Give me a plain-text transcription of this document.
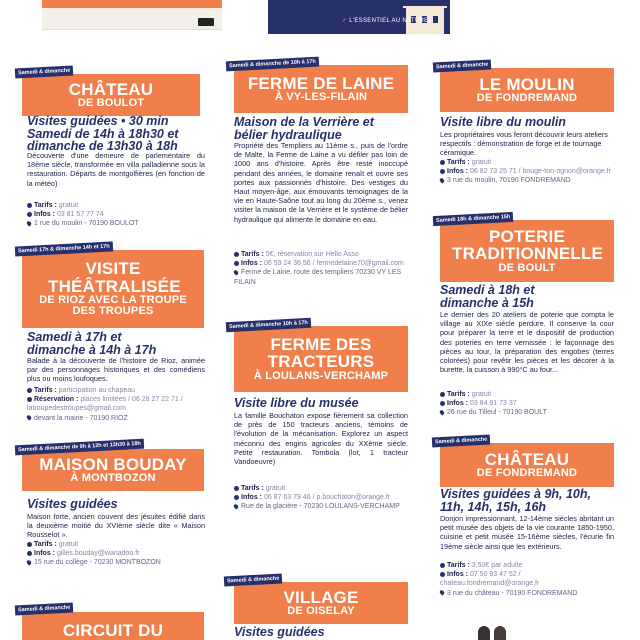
✔ L'ESSENTIEL AU NATUREL
Samedi & dimanche
CHÂTEAU
DE BOULOT
Visites guidées • 30 min Samedi de 14h à 18h30 et dimanche de 13h30 à 18h
Découverte d'une demeure de parlementaire du 18ème siècle, transformée en villa palladienne sous la restauration. Départs de montgolfières (en fonction de la météo)
Tarifs : gratuit
Infos : 03 81 57 77 74
1 rue du moulin - 70190 BOULOT
Samedi 17h & dimanche 14h et 17h
VISITE THÉÂTRALISÉE
DE RIOZ AVEC LA TROUPE DES TROUPES
Samedi à 17h et dimanche à 14h à 17h
Balade à la découverte de l'histoire de Rioz, animée par des personnages historiques et des comédiens plus ou moins loufoques.
Tarifs : participation au chapeau
Réservation : places limitées / 06 28 27 22 71 / latroupedestroupes@gmail.com
devant la mairie - 70190 RIOZ
Samedi & dimanche de 9h à 12h et 13h30 à 18h
MAISON BOUDAY
À MONTBOZON
Visites guidées
Maison forte, ancien couvent des jésuites édifié dans la deuxième moitié du XVIème siècle dite « Maison Rousselot ».
Tarifs : gratuit
Infos : gilles.bouday@wanadoo.fr
15 rue du collège - 70230 MONTBOZON
Samedi & dimanche
CIRCUIT DU
Samedi & dimanche de 10h à 17h
FERME DE LAINE
À VY-LES-FILAIN
Maison de la Verrière et bélier hydraulique
Propriété des Templiers au 11ème s., puis de l'ordre de Malte, la Ferme de Laine a vu défiler pas loin de 1000 ans d'histoire. Après être resté inoccupé pendant des années, le domaine renaît et ouvre ses portes aux passionnés d'histoire. Des vestiges du Haut moyen-âge, aux émouvants témoignages de la vie en Haute-Saône tout au long du 20ème s., venez visiter la maison de la Verrière et le système de bélier hydraulique qui alimente le domaine en eau.
Tarifs : 5€, réservation sur Hello Asso
Infos : 06 59 24 36 56 / fermedelaine70@gmail.com
Ferme de Laine, route des templiers 70230 VY LES FILAIN
Samedi & dimanche 10h à 17h
FERME DES TRACTEURS
À LOULANS-VERCHAMP
Visite libre du musée
La famille Bouchaton expose fièrement sa collection de près de 150 tracteurs anciens, témoins de l'évolution de la mécanisation. Explorez un aspect méconnu des engins agricoles du XXème siècle. Petite restauration. Tombola (lot, 1 tracteur Vandoeuvre)
Tarifs : gratuit
Infos : 06 87 63 79 46 / p.bouchaton@orange.fr
Rue de la glacière - 70230 LOULANS-VERCHAMP
Samedi & dimanche
VILLAGE
DE OISELAY
Visites guidées
Samedi & dimanche
LE MOULIN
DE FONDREMAND
Visite libre du moulin
Les propriétaires vous feront découvrir leurs ateliers respectifs : démonstration de forge et de tournage céramique.
Tarifs : gratuit
Infos : 06 82 73 25 71 / bouge-ton-ognon@orange.fr
3 rue du moulin, 70190 FONDREMAND
Samedi 18h & dimanche 15h
POTERIE TRADITIONNELLE
DE BOULT
Samedi à 18h et dimanche à 15h
Le dernier des 20 ateliers de poterie que compta le village au XIXe siècle perdure. Il conserve la cour pour préparer la terre et le dispositif de production des poteries en terre vernissée : le façonnage des pièces au tour, la préparation des engobes (terres colorées) pour revêtir les pièces et les décorer à la burette, la cuisson à 990°C au four...
Tarifs : gratuit
Infos : 03 84 91 73 37
26 rue du Tilleul - 70190 BOULT
Samedi & dimanche
CHÂTEAU
DE FONDREMAND
Visites guidées à 9h, 10h, 11h, 14h, 15h, 16h
Donjon impressionnant, 12-14ème siècles abritant un petit musée des objets de la vie courante 1850-1950, cuisine et petit musée 15-16ème siècles, l'écurie fin 19ème siècle ainsi que les extérieurs.
Tarifs : 3,50€ par adulte
Infos : 07 50 93 47 52 / chateau.fondremand@orange.fr
3 rue du château - 70190 FONDREMAND
